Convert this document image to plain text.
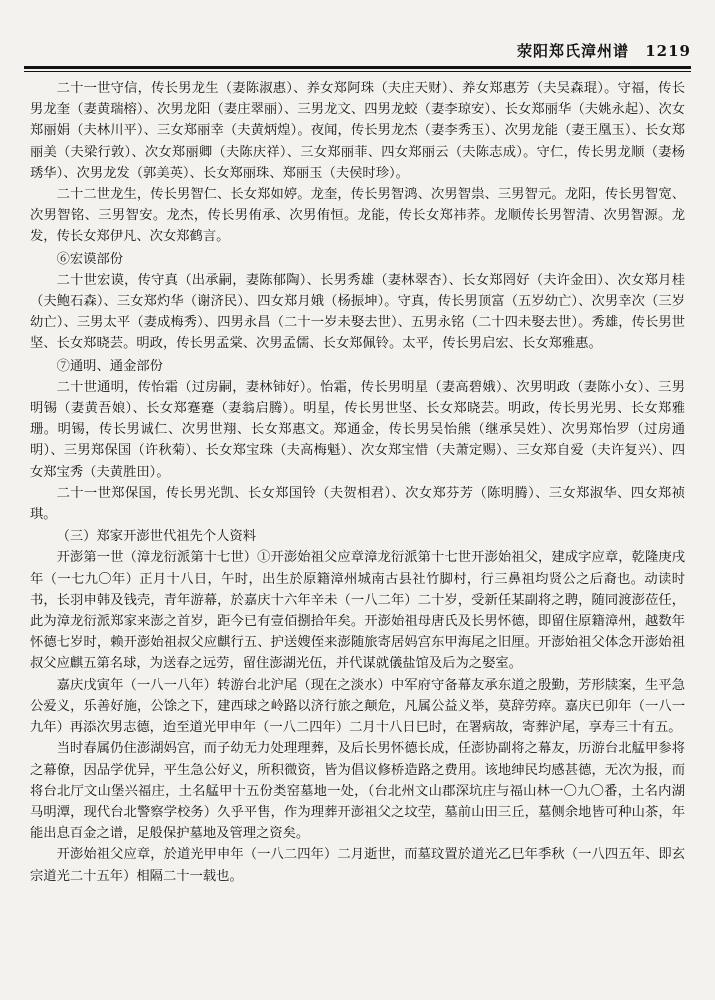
荥阳郑氏漳州谱 1219

二十一世守信，传长男龙生（妻陈淑惠）、养女郑阿珠（夫庄天财）、养女郑惠芳（夫吴森琨）。守福，传长男龙奎（妻黄瑞榕）、次男龙阳（妻庄翠丽）、三男龙文、四男龙蛟（妻李琼安）、长女郑丽华（夫姚永起）、次女郑丽娟（夫林川平）、三女郑丽幸（夫黄炳煌）。夜闻，传长男龙杰（妻李秀玉）、次男龙能（妻王凰玉）、长女郑丽美（夫梁行敦）、次女郑丽卿（夫陈庆祥）、三女郑丽菲、四女郑丽云（夫陈志成）。守仁，传长男龙顺（妻杨琇华）、次男龙发（郭美英）、长女郑丽珠、郑丽玉（夫侯时珍）。

二十二世龙生，传长男智仁、长女郑如婷。龙奎，传长男智鸿、次男智祟、三男智元。龙阳，传长男智宽、次男智铭、三男智安。龙杰，传长男侑承、次男侑恒。龙能，传长女郑祎荞。龙顺传长男智清、次男智源。龙发，传长女郑伊凡、次女郑鹤言。

⑥宏谟部份

二十世宏谟，传守真（出承嗣，妻陈郁陶）、长男秀雄（妻林翠杏）、长女郑罔好（夫许金田）、次女郑月桂（夫鲍石森）、三女郑灼华（谢济民）、四女郑月娥（杨振坤）。守真，传长男顶富（五岁幼亡）、次男幸次（三岁幼亡）、三男太平（妻成梅秀）、四男永昌（二十一岁未娶去世）、五男永铭（二十四未娶去世）。秀雄，传长男世坚、长女郑晓芸。明政，传长男孟棠、次男孟儒、长女郑佩铃。太平，传长男启宏、长女郑雅惠。

⑦通明、通金部份

二十世通明，传怡霜（过房嗣，妻林铈好）。怡霜，传长男明星（妻高碧娥）、次男明政（妻陈小女）、三男明锡（妻黄吾娘）、长女郑蹇蹇（妻翁启腾）。明星，传长男世坚、长女郑晓芸。明政，传长男光男、长女郑雅珊。明锡，传长男诚仁、次男世翔、长女郑惠文。郑通金，传长男吴怡熊（继承吴姓）、次男郑怡罗（过房通明）、三男郑保国（许秋菊）、长女郑宝珠（夫高梅魁）、次女郑宝惜（夫萧定赐）、三女郑自爱（夫许复兴）、四女郑宝秀（夫黄胜田）。

二十一世郑保国，传长男光凯、长女郑国铃（夫贺相君）、次女郑芬芳（陈明腾）、三女郑淑华、四女郑祯琪。

（三）郑家开澎世代祖先个人资料

开澎第一世（漳龙衍派第十七世）①开澎始祖父应章漳龙衍派第十七世开澎始祖父，建成字应章，乾隆庚戌年（一七九〇年）正月十八日，午时，出生於原籍漳州城南古县社竹脚村，行三鼻祖均贤公之后裔也。动读时书，长羽申韩及钱壳，青年游幕，於嘉庆十六年辛未（一八二年）二十岁，受新任某副将之聘，随同渡澎莅任，此为漳龙衍派郑家来澎之首岁，距今已有壹佰捌拾年矣。开澎始祖母唐氏及长男怀德，即留住原籍漳州，越数年怀德七岁时，赖开澎始祖叔父应麒行五、护送嫂侄来澎随旅寄居妈宫东甲海尾之旧厘。开澎始祖父体念开澎始祖叔父应麒五第名球，为送春之远劳，留住澎湖光伍，并代谋就儀盐馆及后为之娶室。

嘉庆戊寅年（一八一八年）转游台北沪尾（现在之淡水）中军府守备幕友承东道之殷勤，芳形牍案，生平急公爱义，乐善好施，公馀之下，建西球之岭路以济行旅之颠危，凡属公益义举，莫辞劳瘁。嘉庆已卯年（一八一九年）再添次男志德，迨至道光甲申年（一八二四年）二月十八日巳时，在署病故，寄葬沪尾，享寿三十有五。

当时春属仍住澎湖妈宫，而子幼无力处理理葬，及后长男怀德长成，任澎协副将之幕友，历游台北艋甲参将之幕僚，因品学优异，平生急公好义，所积微资，皆为倡议修桥造路之费用。该地绅民均感甚德，无次为报，而将台北厅文山堡兴福庄，土名艋甲十五份类窑墓地一处，（台北州文山郡深坑庄与福山林一〇九〇番，土名内湖马明潭，现代台北警察学校务）久乎平售，作为理葬开澎祖父之坟茔，墓前山田三丘，墓侧余地皆可种山茶，年能出息百金之谱，足般保护墓地及管理之资矣。

开澎始祖父应章，於道光甲申年（一八二四年）二月逝世，而墓玟置於道光乙巳年季秋（一八四五年、即玄宗道光二十五年）相隔二十一载也。
